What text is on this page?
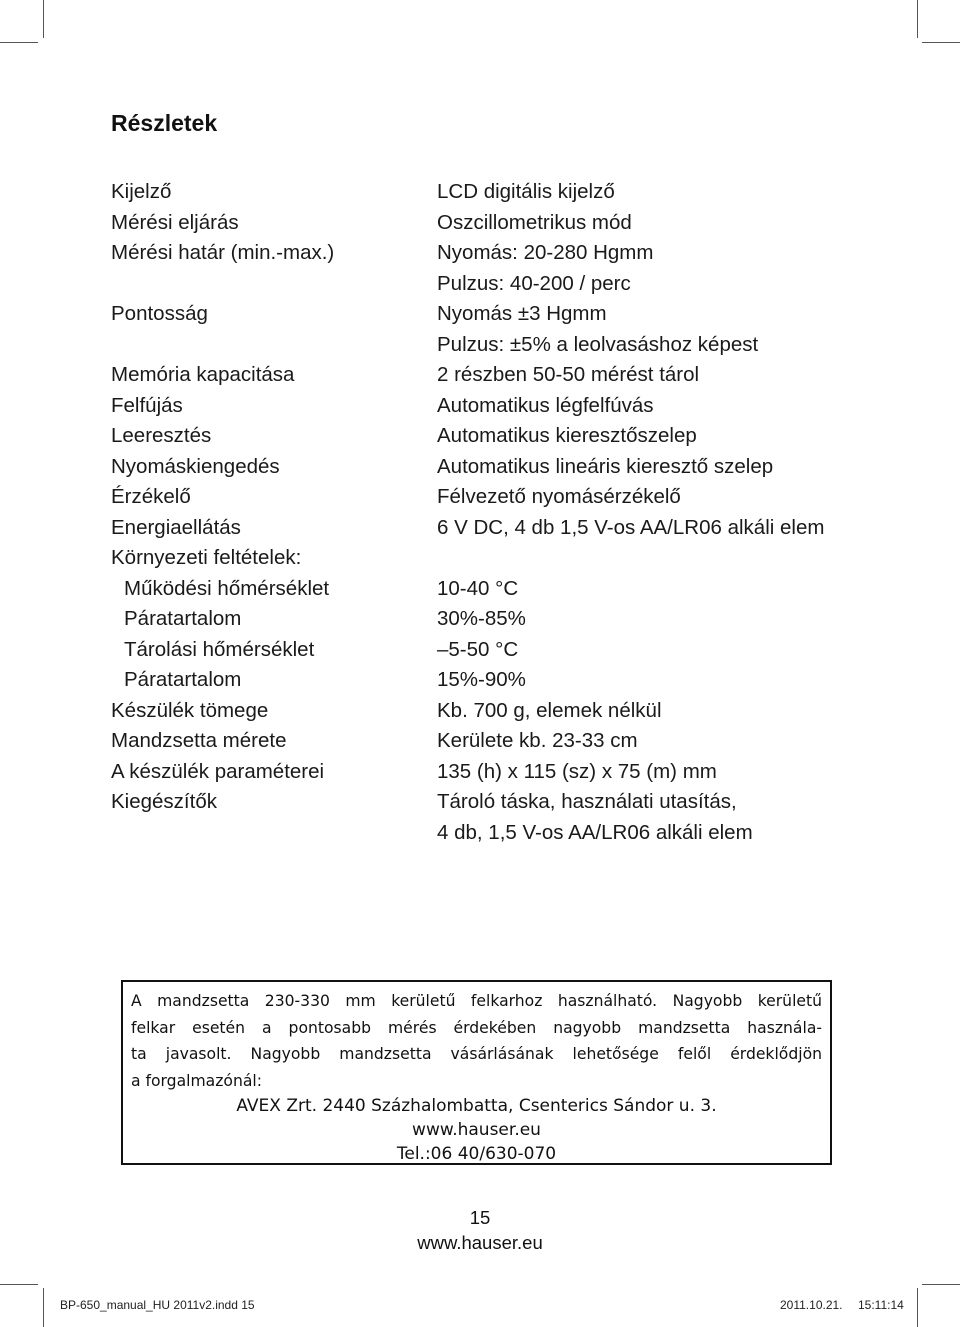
Részletek
Kijelző	LCD digitális kijelző
Mérési eljárás	Oszcillometrikus mód
Mérési határ (min.-max.)	Nyomás: 20-280 Hgmm
Pulzus: 40-200 / perc
Pontosság	Nyomás ±3 Hgmm
Pulzus: ±5% a leolvasáshoz képest
Memória kapacitása	2 részben 50-50 mérést tárol
Felfújás	Automatikus légfelfúvás
Leeresztés	Automatikus kieresztőszelep
Nyomáskiengedés	Automatikus lineáris kieresztő szelep
Érzékelő	Félvezető nyomásérzékelő
Energiaellátás	6 V DC, 4 db 1,5 V-os AA/LR06 alkáli elem
Környezeti feltételek:
Működési hőmérséklet	10-40 °C
Páratartalom	30%-85%
Tárolási hőmérséklet	–5-50 °C
Páratartalom	15%-90%
Készülék tömege	Kb. 700 g, elemek nélkül
Mandzsetta mérete	Kerülete kb. 23-33 cm
A készülék paraméterei	135 (h) x 115 (sz) x 75 (m) mm
Kiegészítők	Tároló táska, használati utasítás,
4 db, 1,5 V-os AA/LR06 alkáli elem
A mandzsetta 230-330 mm kerületű felkarhoz használható. Nagyobb kerületű
felkar esetén a pontosabb mérés érdekében nagyobb mandzsetta használa-
ta javasolt. Nagyobb mandzsetta vásárlásának lehetősége felől érdeklődjön
a forgalmazónál:
AVEX Zrt. 2440 Százhalombatta, Csenterics Sándor u. 3.
www.hauser.eu
Tel.:06 40/630-070
15
www.hauser.eu
BP-650_manual_HU 2011v2.indd 15	2011.10.21. 15:11:14
